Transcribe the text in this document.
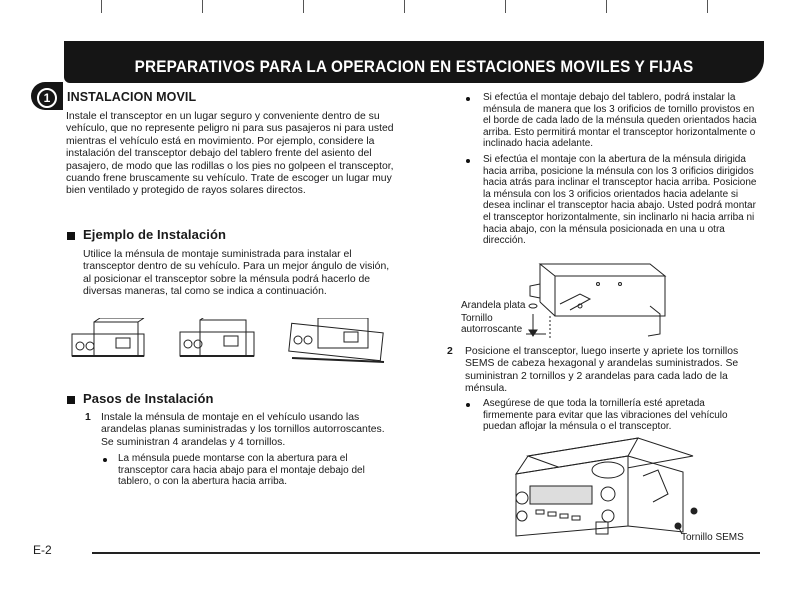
PREPARATIVOS PARA LA OPERACION EN ESTACIONES MOVILES Y FIJAS
1	INSTALACION MOVIL
Instale el transceptor en un lugar seguro y conveniente dentro de su vehículo, que no represente peligro ni para sus pasajeros ni para usted mientras el vehículo está en movimiento. Por ejemplo, considere la instalación del transceptor debajo del tablero frente del asiento del pasajero, de modo que las rodillas o los pies no golpeen el transceptor, cuando frene bruscamente su vehículo. Trate de escoger un lugar muy bien ventilado y protegido de rayos solares directos.
Ejemplo de Instalación
Utilice la ménsula de montaje suministrada para instalar el transceptor dentro de su vehículo. Para un mejor ángulo de visión, al posicionar el transceptor sobre la ménsula podrá hacerlo de diversas maneras, tal como se indica a continuación.
Pasos de Instalación
1 Instale la ménsula de montaje en el vehículo usando las arandelas planas suministradas y los tornillos autorroscantes. Se suministran 4 arandelas y 4 tornillos.
La ménsula puede montarse con la abertura para el transceptor cara hacia abajo para el montaje debajo del tablero, o con la abertura hacia arriba.
Si efectúa el montaje debajo del tablero, podrá instalar la ménsula de manera que los 3 orificios de tornillo provistos en el borde de cada lado de la ménsula queden orientados hacia arriba. Esto permitirá montar el transceptor horizontalmente o inclinado hacia adelante.
Si efectúa el montaje con la abertura de la ménsula dirigida hacia arriba, posicione la ménsula con los 3 orificios dirigidos hacia atrás para inclinar el transceptor hacia arriba. Posicione la ménsula con los 3 orificios orientados hacia adelante si desea inclinar el transceptor hacia abajo. Usted podrá montar el transceptor horizontalmente, sin inclinarlo ni hacia arriba ni hacia abajo, con la ménsula posicionada en una u otra dirección.
Arandela plata
Tornillo autorroscante
2 Posicione el transceptor, luego inserte y apriete los tornillos SEMS de cabeza hexagonal y arandelas suministrados. Se suministran 2 tornillos y 2 arandelas para cada lado de la ménsula.
Asegúrese de que toda la tornillería esté apretada firmemente para evitar que las vibraciones del vehículo puedan aflojar la ménsula o el transceptor.
Tornillo SEMS
E-2
